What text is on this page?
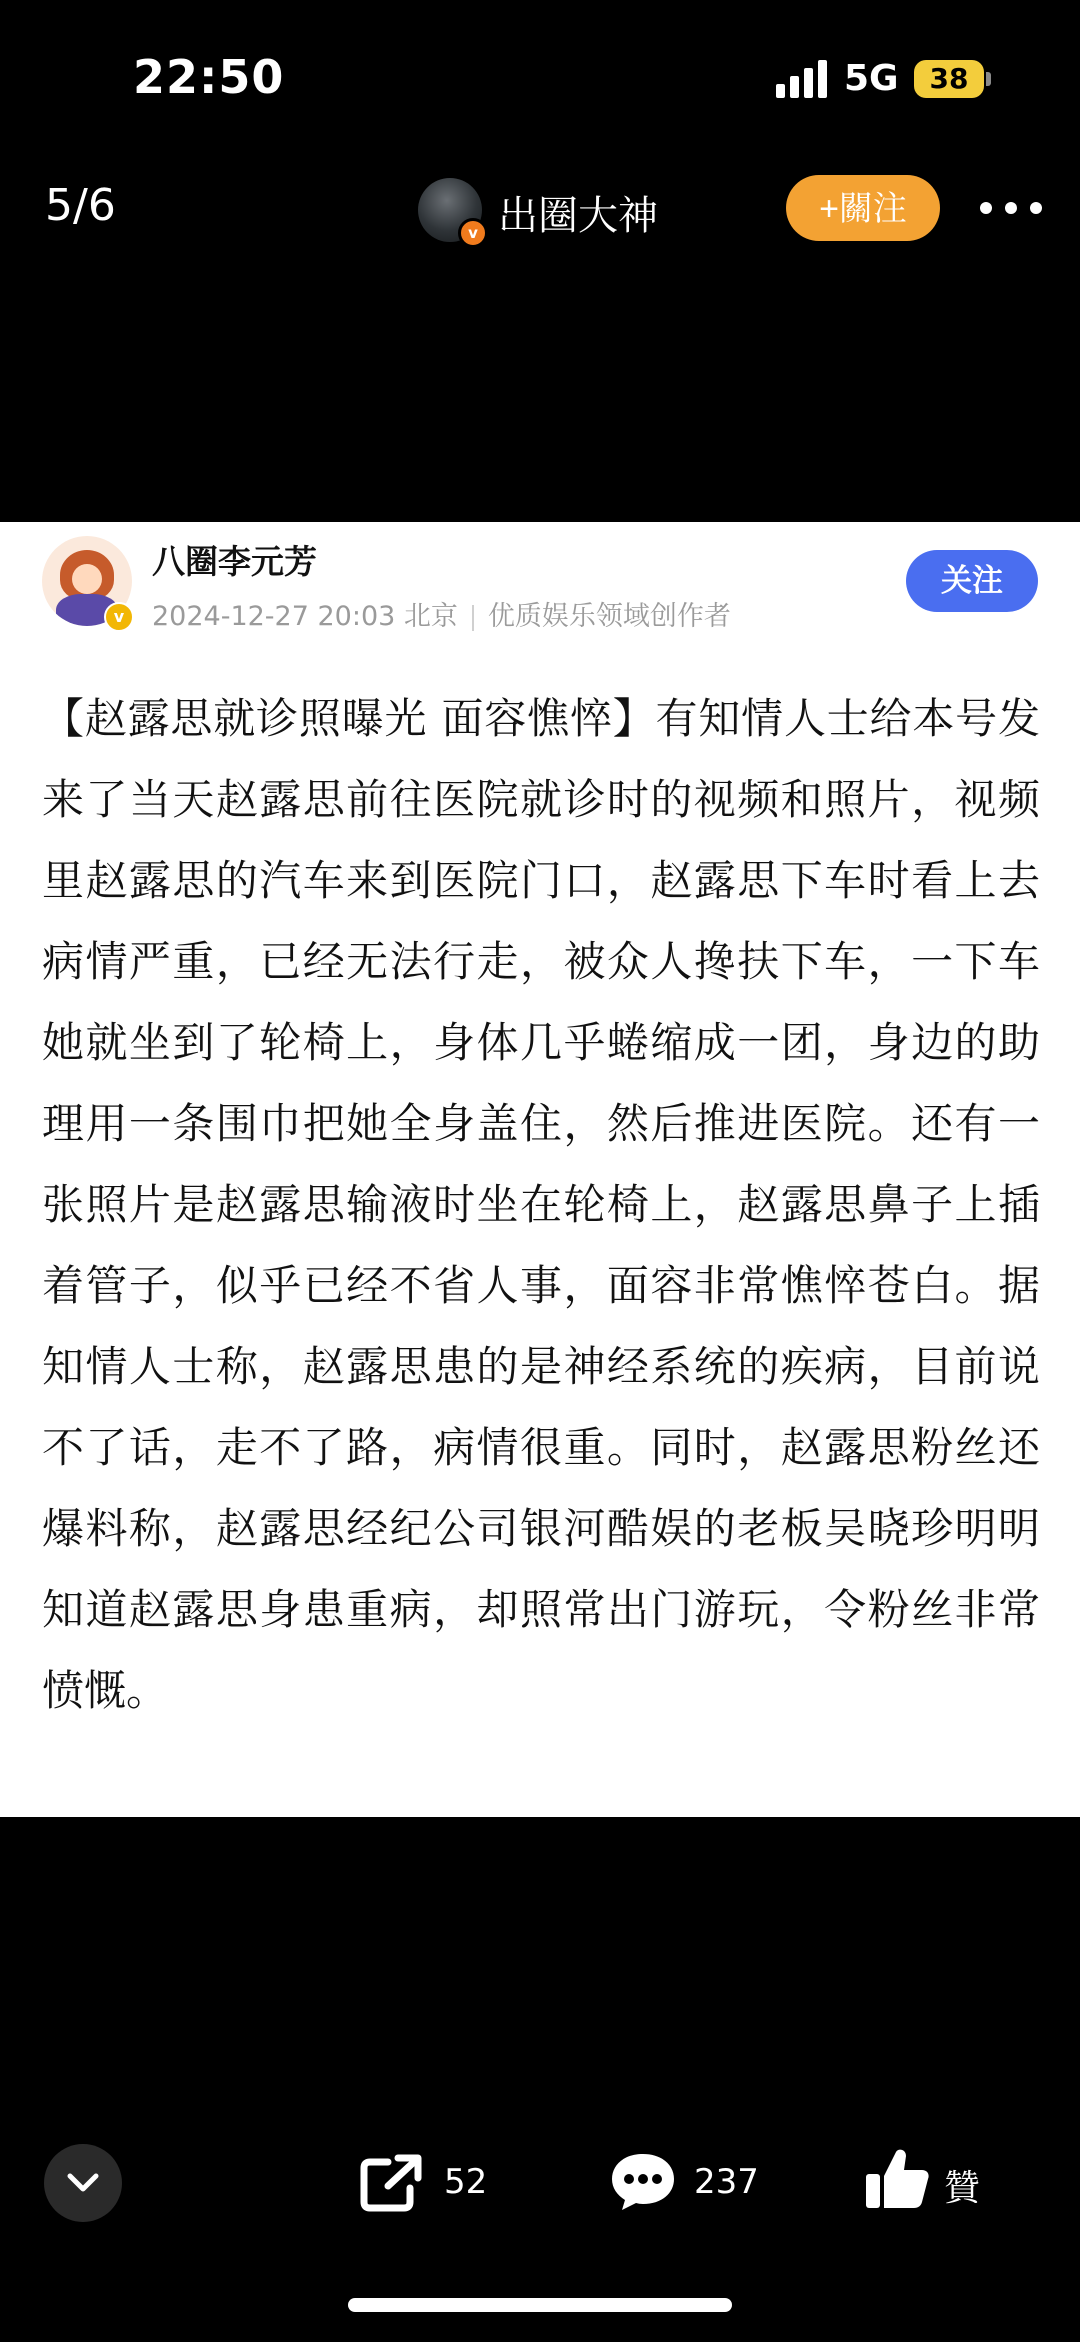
22:50	5G	38
5/6
v 出圈大神	+關注
v
八圈李元芳
2024-12-27 20:03 北京 优质娱乐领域创作者
关注
【赵露思就诊照曝光 面容憔悴】有知情人士给本号发来了当天赵露思前往医院就诊时的视频和照片，视频里赵露思的汽车来到医院门口，赵露思下车时看上去病情严重，已经无法行走，被众人搀扶下车，一下车她就坐到了轮椅上，身体几乎蜷缩成一团，身边的助理用一条围巾把她全身盖住，然后推进医院。还有一张照片是赵露思输液时坐在轮椅上，赵露思鼻子上插着管子，似乎已经不省人事，面容非常憔悴苍白。据知情人士称，赵露思患的是神经系统的疾病，目前说不了话，走不了路，病情很重。同时，赵露思粉丝还爆料称，赵露思经纪公司银河酷娱的老板吴晓珍明明知道赵露思身患重病，却照常出门游玩，令粉丝非常愤慨。
52	237	贊
